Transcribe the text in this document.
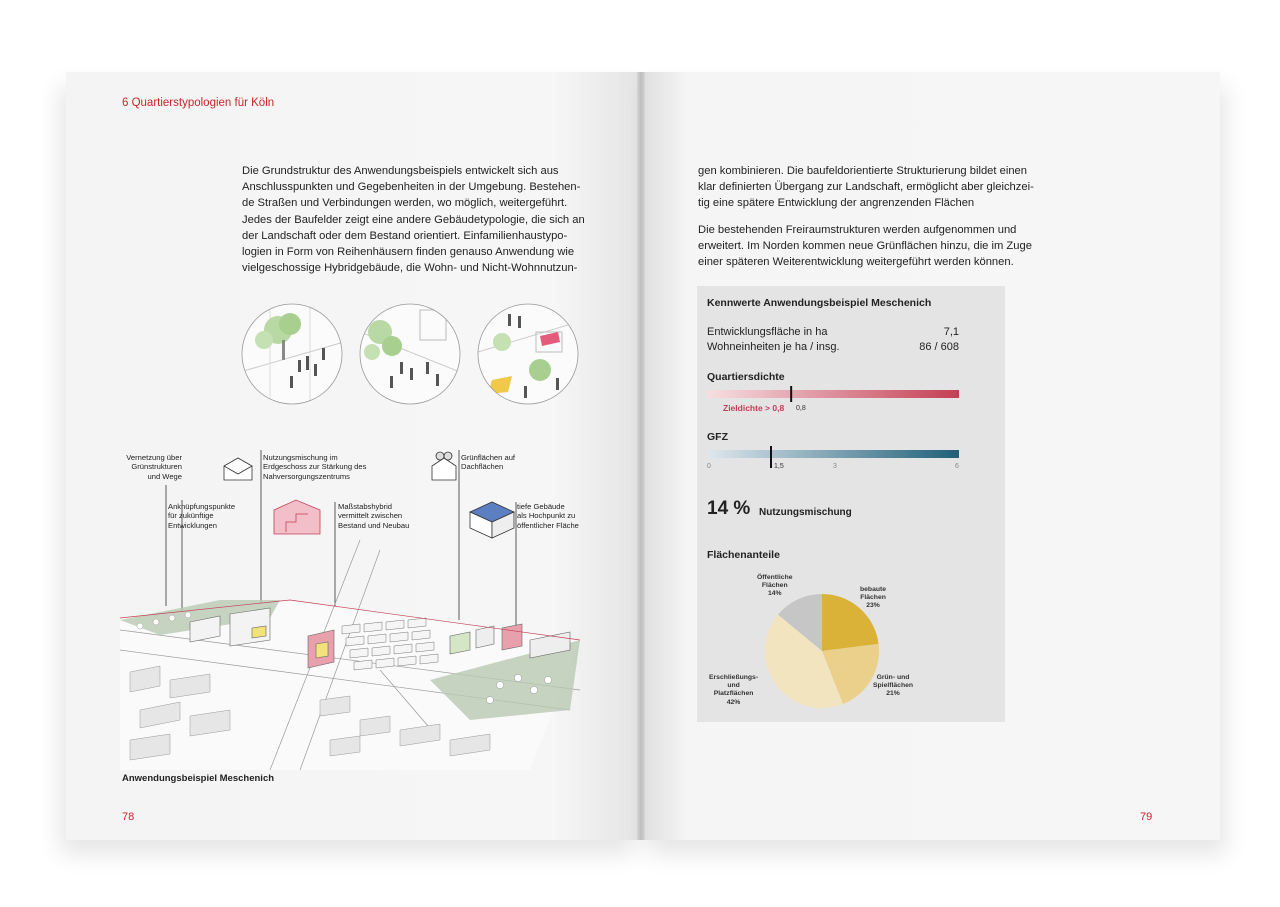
6 Quartierstypologien für Köln
Die Grundstruktur des Anwendungsbeispiels entwickelt sich aus
Anschlusspunkten und Gegebenheiten in der Umgebung. Bestehen-
de Straßen und Verbindungen werden, wo möglich, weitergeführt.
Jedes der Baufelder zeigt eine andere Gebäudetypologie, die sich an
der Landschaft oder dem Bestand orientiert. Einfamilienhaustypo-
logien in Form von Reihenhäusern finden genauso Anwendung wie
vielgeschossige Hybridgebäude, die Wohn- und Nicht-Wohnnutzun-
Vernetzung über
Grünstrukturen
und Wege
Anknüpfungspunkte
für zukünftige
Entwicklungen
Nutzungsmischung im
Erdgeschoss zur Stärkung des
Nahversorgungszentrums
Maßstabshybrid
vermittelt zwischen
Bestand und Neubau
Grünflächen auf
Dachflächen
tiefe Gebäude
als Hochpunkt zu
öffentlicher Fläche
Anwendungsbeispiel Meschenich
78
gen kombinieren. Die baufeldorientierte Strukturierung bildet einen
klar definierten Übergang zur Landschaft, ermöglicht aber gleichzei-
tig eine spätere Entwicklung der angrenzenden Flächen
Die bestehenden Freiraumstrukturen werden aufgenommen und
erweitert. Im Norden kommen neue Grünflächen hinzu, die im Zuge
einer späteren Weiterentwicklung weitergeführt werden können.
Kennwerte Anwendungsbeispiel Meschenich
Entwicklungsfläche in ha	7,1
Wohneinheiten je ha / insg.	86 / 608
Quartiersdichte
Zieldichte > 0,8 0,8
GFZ
0	3	6
1,5
14 % Nutzungsmischung
Flächenanteile
bebaute
Flächen
23%
Grün- und
Spielflächen
21%
Erschließungs-
und
Platzflächen
42%
Öffentliche
Flächen
14%
79
